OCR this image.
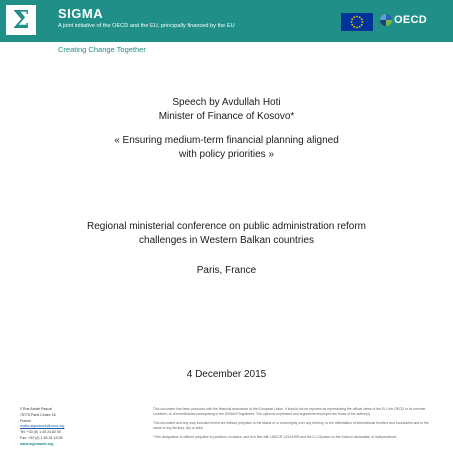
Σ	SIGMA
A joint initiative of the OECD and the EU, principally financed by the EU	OECD
Creating Change Together
Speech by Avdullah Hoti
Minister of Finance of Kosovo*
« Ensuring medium-term financial planning aligned
with policy priorities »
Regional ministerial conference on public administration reform
challenges in Western Balkan countries
Paris, France
4 December 2015
2 Rue André Pascal
75775 Paris Cedex 16
France
mailto:sigmaweb@oecd.org
Tel: +33 (0) 1 45 24 82 00
Fax: +33 (0) 1 45 24 13 05
www.sigmaweb.org

This document has been produced with the financial assistance of the European Union. It should not be reported as representing the official views of the EU, the OECD or its member countries, or of beneficiaries participating in the SIGMA Programme. The opinions expressed and arguments employed are those of the author(s).

This document and any map included herein are without prejudice to the status of or sovereignty over any territory, to the delimitation of international frontiers and boundaries and to the name of any territory, city or area.

*This designation is without prejudice to positions on status, and is in line with UNSCR 1244/1999 and the ICJ Opinion on the Kosovo declaration of independence.
